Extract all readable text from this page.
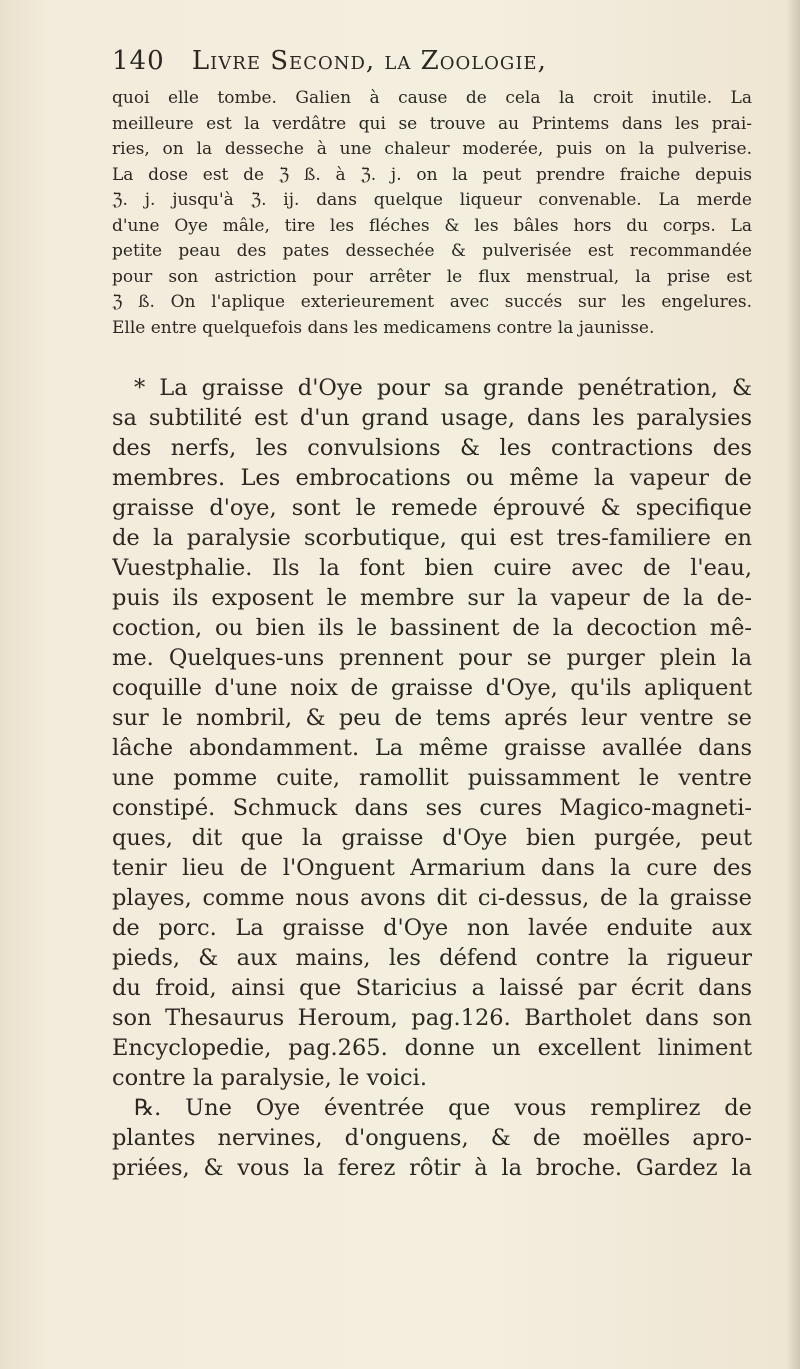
140 Livre Second, la Zoologie,
quoi elle tombe. Galien à cause de cela la croit inutile. La
meilleure est la verdâtre qui se trouve au Printems dans les prai-
ries, on la desseche à une chaleur moderée, puis on la pulverise.
La dose est de ℨ ß. à ℨ. j. on la peut prendre fraiche depuis
ℨ. j. jusqu'à ℨ. ij. dans quelque liqueur convenable. La merde
d'une Oye mâle, tire les fléches & les bâles hors du corps. La
petite peau des pates dessechée & pulverisée est recommandée
pour son astriction pour arrêter le flux menstrual, la prise est
ℨ ß. On l'aplique exterieurement avec succés sur les engelures.
Elle entre quelquefois dans les medicamens contre la jaunisse.
* La graisse d'Oye pour sa grande penétration, &
sa subtilité est d'un grand usage, dans les paralysies
des nerfs, les convulsions & les contractions des
membres. Les embrocations ou même la vapeur de
graisse d'oye, sont le remede éprouvé & specifique
de la paralysie scorbutique, qui est tres-familiere en
Vuestphalie. Ils la font bien cuire avec de l'eau,
puis ils exposent le membre sur la vapeur de la de-
coction, ou bien ils le bassinent de la decoction mê-
me. Quelques-uns prennent pour se purger plein la
coquille d'une noix de graisse d'Oye, qu'ils apliquent
sur le nombril, & peu de tems aprés leur ventre se
lâche abondamment. La même graisse avallée dans
une pomme cuite, ramollit puissamment le ventre
constipé. Schmuck dans ses cures Magico-magneti-
ques, dit que la graisse d'Oye bien purgée, peut
tenir lieu de l'Onguent Armarium dans la cure des
playes, comme nous avons dit ci-dessus, de la graisse
de porc. La graisse d'Oye non lavée enduite aux
pieds, & aux mains, les défend contre la rigueur
du froid, ainsi que Staricius a laissé par écrit dans
son Thesaurus Heroum, pag.126. Bartholet dans son
Encyclopedie, pag.265. donne un excellent liniment
contre la paralysie, le voici.
℞. Une Oye éventrée que vous remplirez de
plantes nervines, d'onguens, & de moëlles apro-
priées, & vous la ferez rôtir à la broche. Gardez la
